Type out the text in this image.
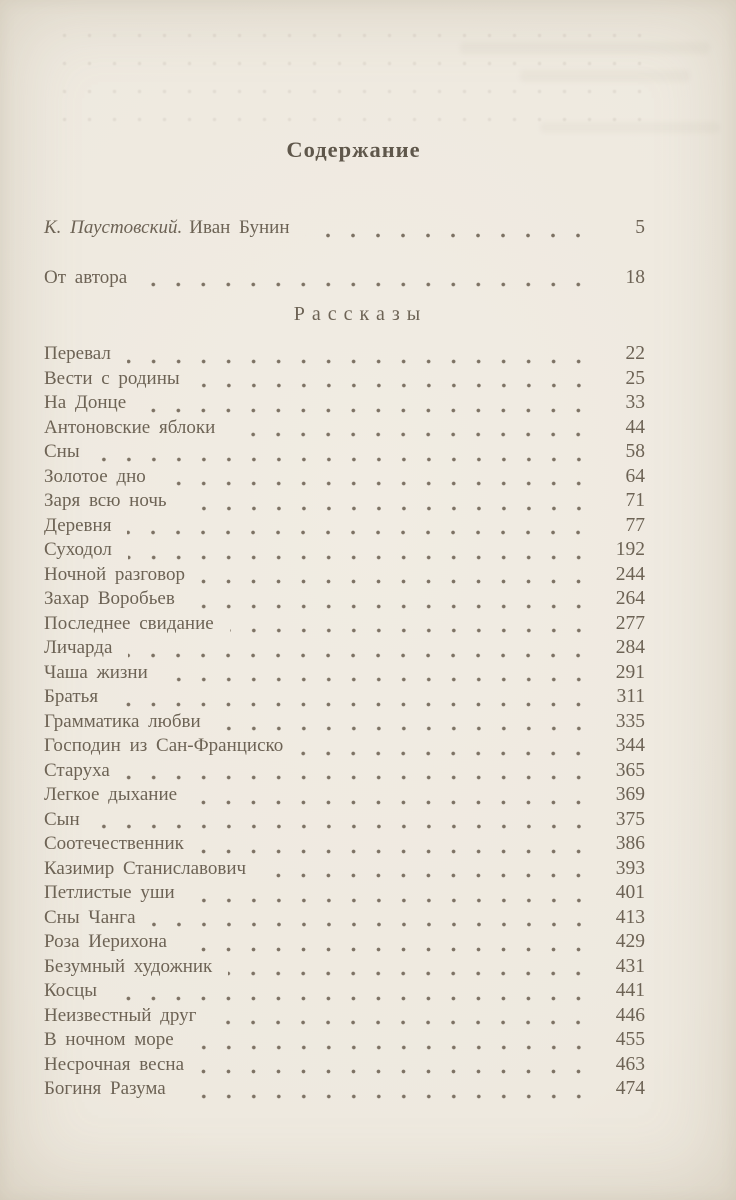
Содержание
К. Паустовский. Иван Бунин	5
От автора	18
Рассказы
Перевал	22
Вести с родины	25
На Донце	33
Антоновские яблоки	44
Сны	58
Золотое дно	64
Заря всю ночь	71
Деревня	77
Суходол	192
Ночной разговор	244
Захар Воробьев	264
Последнее свидание	277
Личарда	284
Чаша жизни	291
Братья	311
Грамматика любви	335
Господин из Сан-Франциско	344
Старуха	365
Легкое дыхание	369
Сын	375
Соотечественник	386
Казимир Станиславович	393
Петлистые уши	401
Сны Чанга	413
Роза Иерихона	429
Безумный художник	431
Косцы	441
Неизвестный друг	446
В ночном море	455
Несрочная весна	463
Богиня Разума	474
